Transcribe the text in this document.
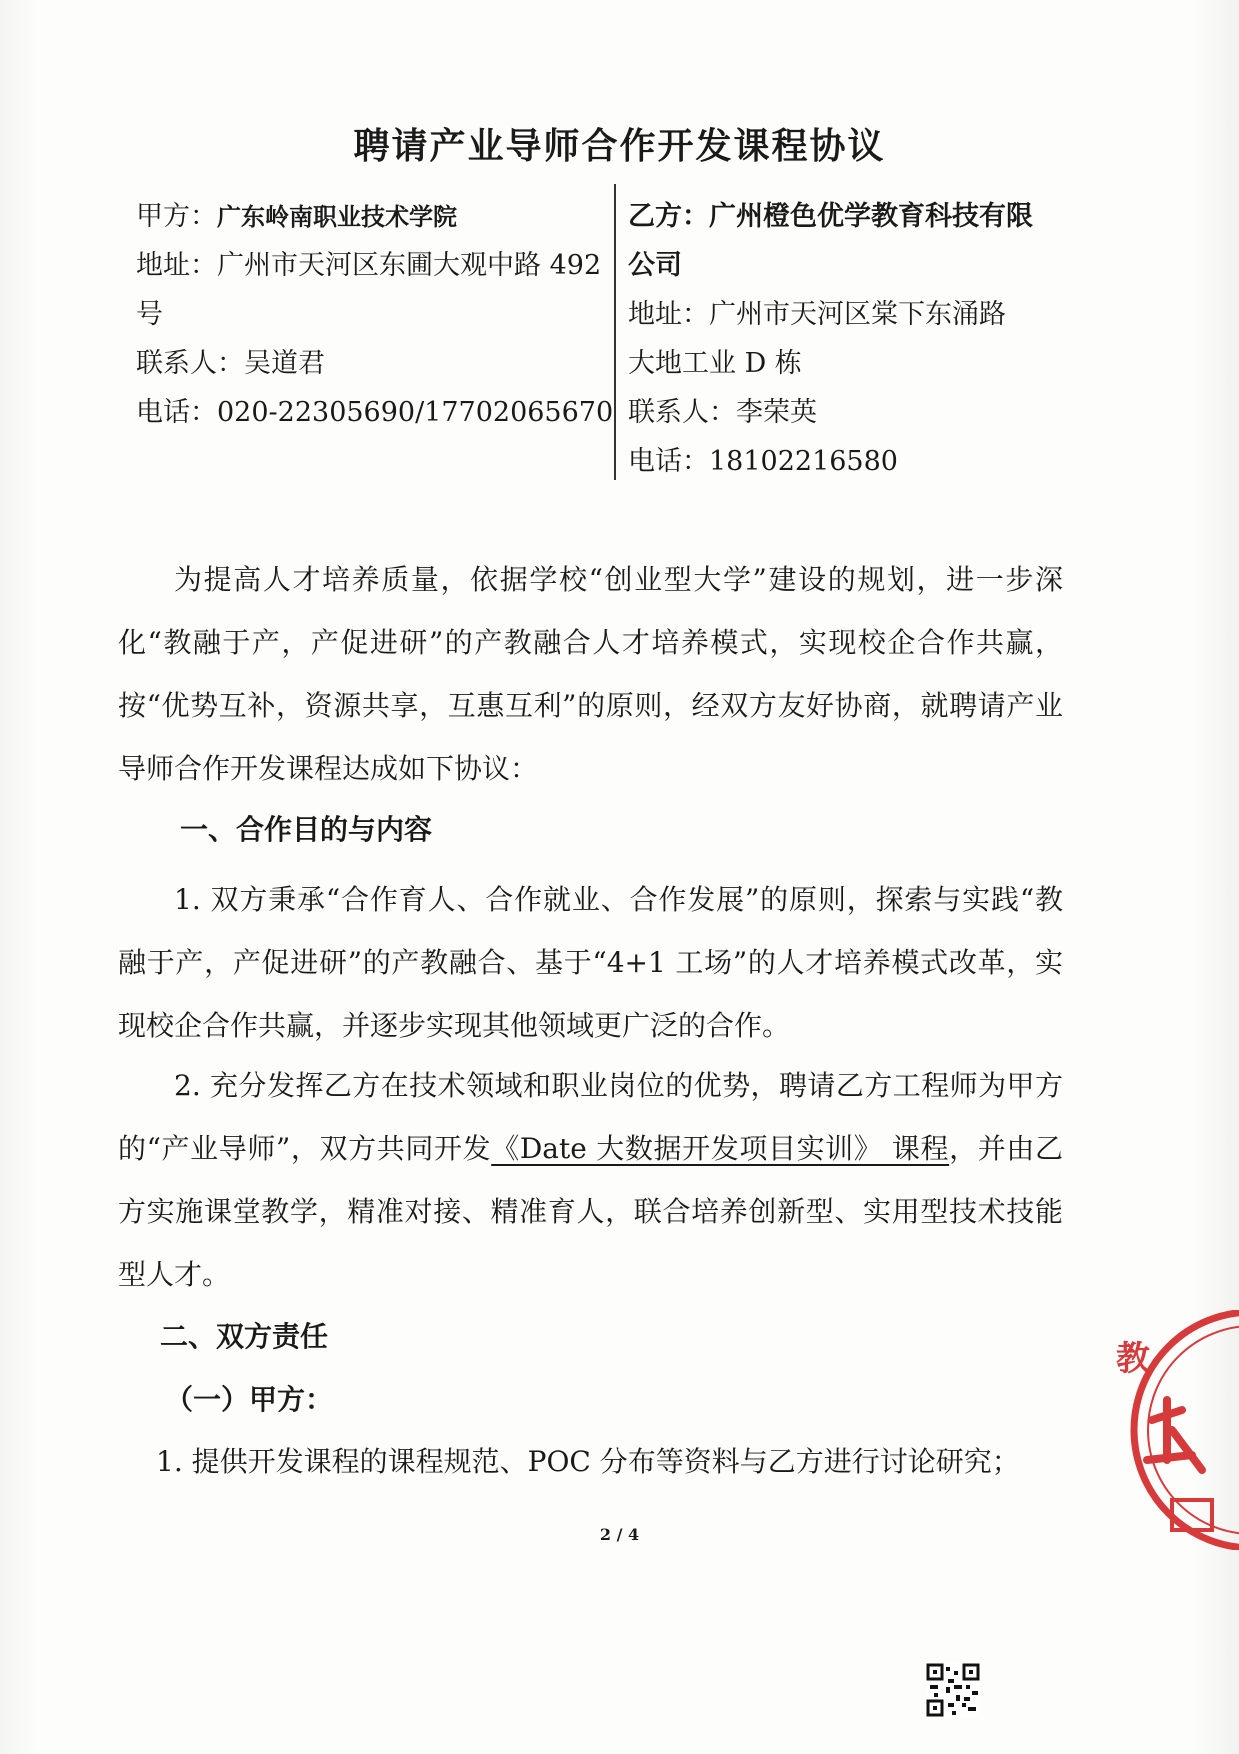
聘请产业导师合作开发课程协议
甲方：广东岭南职业技术学院
地址：广州市天河区东圃大观中路 492
号
联系人：吴道君
电话：020-22305690/17702065670
乙方：广州橙色优学教育科技有限
公司
地址：广州市天河区棠下东涌路
大地工业 D 栋
联系人：李荣英
电话：18102216580

为提高人才培养质量，依据学校“创业型大学”建设的规划，进一步深化“教融于产，产促进研”的产教融合人才培养模式，实现校企合作共赢，按“优势互补，资源共享，互惠互利”的原则，经双方友好协商，就聘请产业导师合作开发课程达成如下协议：

一、合作目的与内容

1. 双方秉承“合作育人、合作就业、合作发展”的原则，探索与实践“教融于产，产促进研”的产教融合、基于“4+1 工场”的人才培养模式改革，实现校企合作共赢，并逐步实现其他领域更广泛的合作。

2. 充分发挥乙方在技术领域和职业岗位的优势，聘请乙方工程师为甲方的“产业导师”，双方共同开发《Date 大数据开发项目实训》 课程，并由乙方实施课堂教学，精准对接、精准育人，联合培养创新型、实用型技术技能型人才。

二、双方责任
（一）甲方：

1. 提供开发课程的课程规范、POC 分布等资料与乙方进行讨论研究；

2 / 4
教
